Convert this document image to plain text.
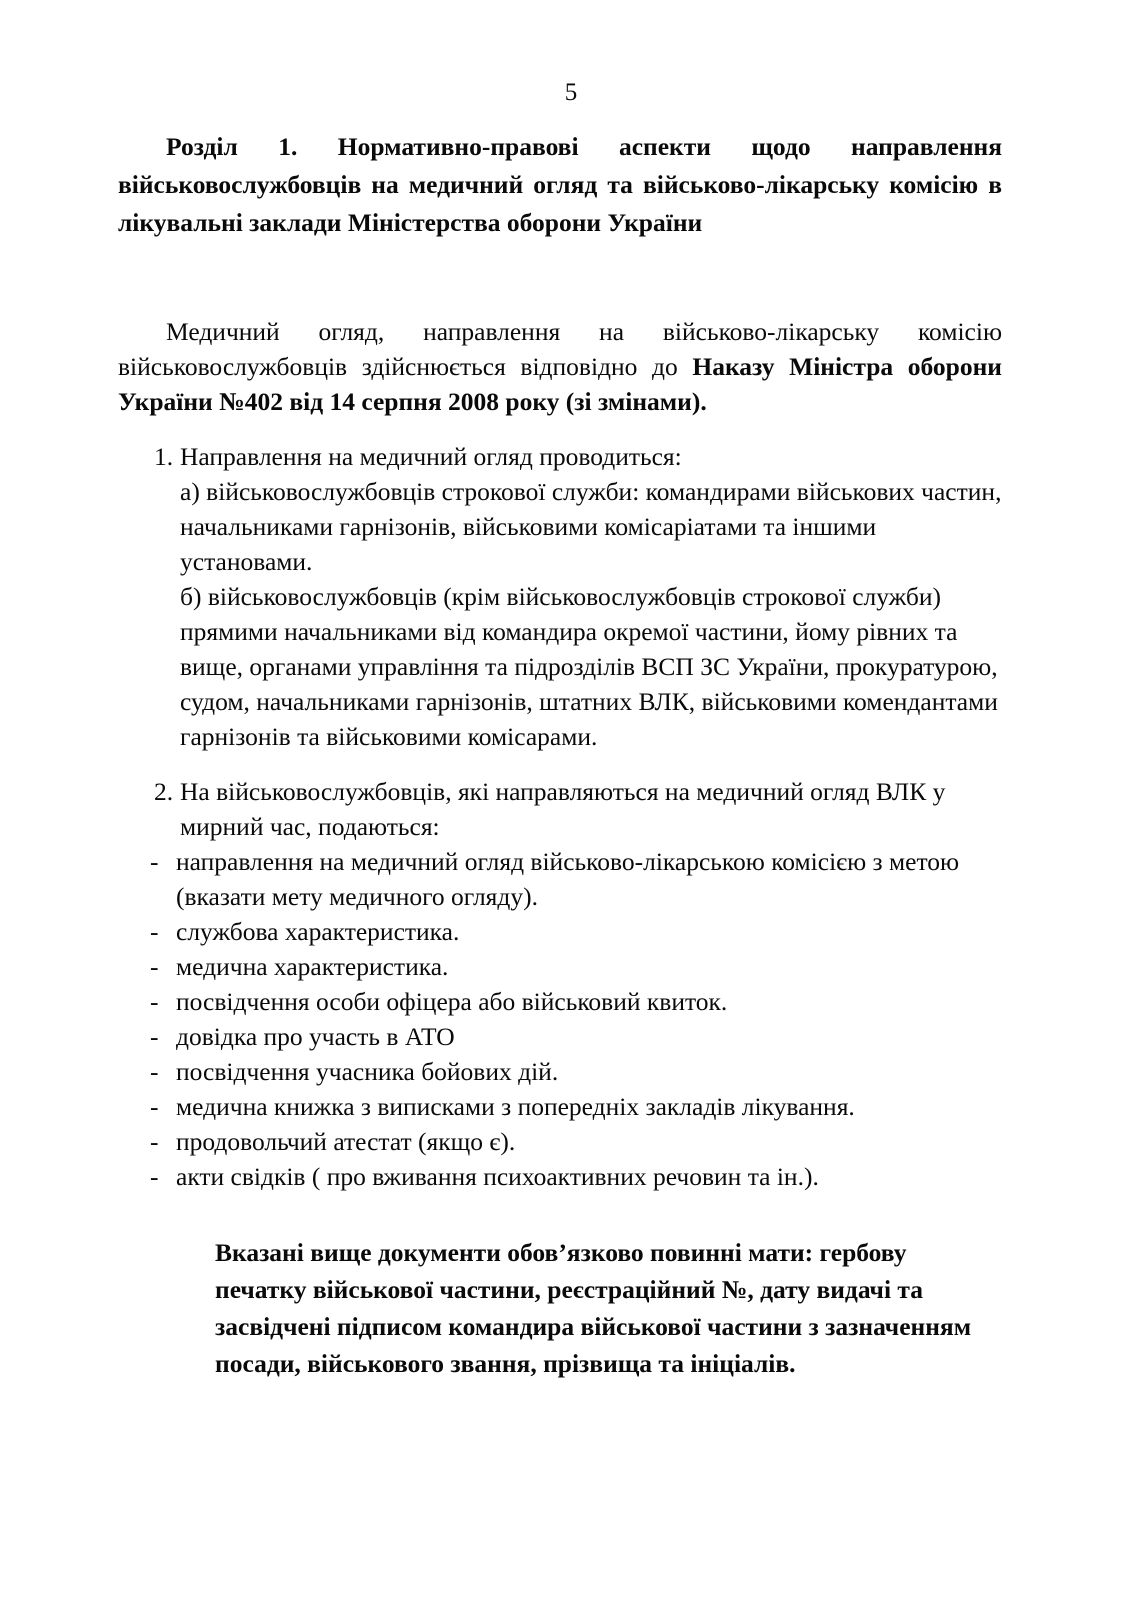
5
Розділ 1. Нормативно-правові аспекти щодо направлення військовослужбовців на медичний огляд та військово-лікарську комісію в лікувальні заклади Міністерства оборони України

Медичний огляд, направлення на військово-лікарську комісію військовослужбовців здійснюється відповідно до Наказу Міністра оборони України №402 від 14 серпня 2008 року (зі змінами).

1. Направлення на медичний огляд проводиться:
а) військовослужбовців строкової служби: командирами військових частин, начальниками гарнізонів, військовими комісаріатами та іншими установами.
б) військовослужбовців (крім військовослужбовців строкової служби) прямими начальниками від командира окремої частини, йому рівних та вище, органами управління та підрозділів ВСП ЗС України, прокуратурою, судом, начальниками гарнізонів, штатних ВЛК, військовими комендантами гарнізонів та військовими комісарами.
2. На військовослужбовців, які направляються на медичний огляд ВЛК у мирний час, подаються:
- направлення на медичний огляд військово-лікарською комісією з метою (вказати мету медичного огляду).
- службова характеристика.
- медична характеристика.
- посвідчення особи офіцера або військовий квиток.
- довідка про участь в АТО
- посвідчення учасника бойових дій.
- медична книжка з виписками з попередніх закладів лікування.
- продовольчий атестат (якщо є).
- акти свідків ( про вживання психоактивних речовин та ін.).

Вказані вище документи обов’язково повинні мати: гербову печатку військової частини, реєстраційний №, дату видачі та засвідчені підписом командира військової частини з зазначенням посади, військового звання, прізвища та ініціалів.
